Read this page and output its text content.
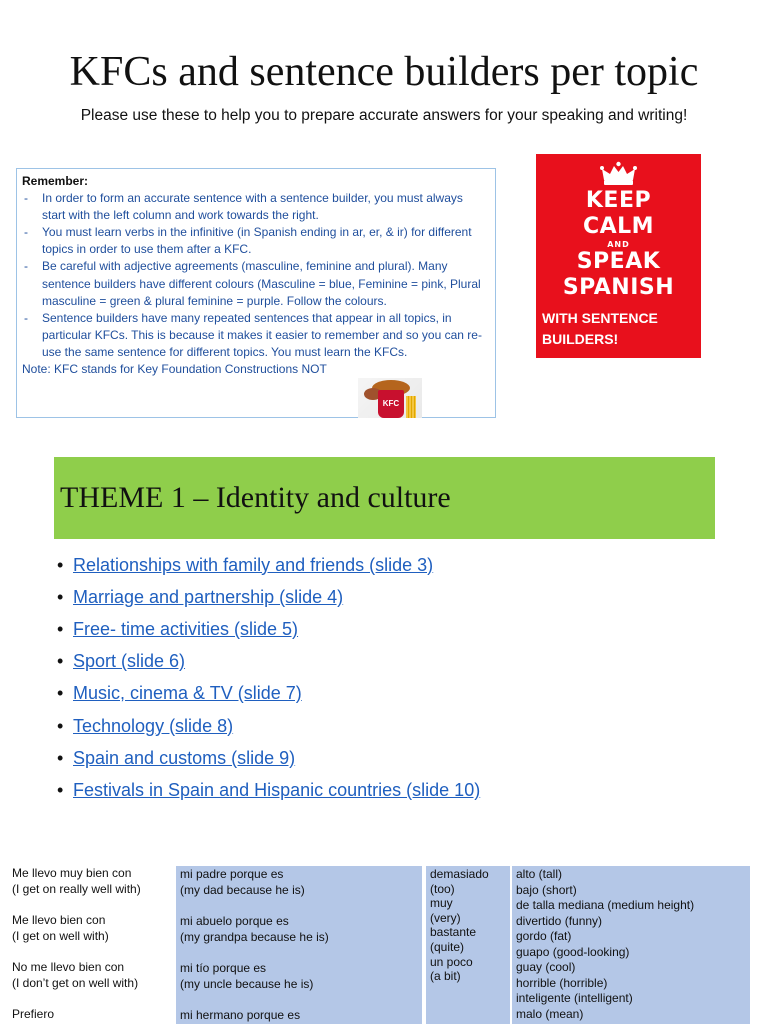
KFCs and sentence builders per topic
Please use these to help you to prepare accurate answers for your speaking and writing!
Remember:
- In order to form an accurate sentence with a sentence builder, you must always start with the left column and work towards the right.
- You must learn verbs in the infinitive (in Spanish ending in ar, er, & ir) for different topics in order to use them after a KFC.
- Be careful with adjective agreements (masculine, feminine and plural). Many sentence builders have different colours (Masculine = blue, Feminine = pink, Plural masculine = green & plural feminine = purple. Follow the colours.
- Sentence builders have many repeated sentences that appear in all topics, in particular KFCs. This is because it makes it easier to remember and so you can re-use the same sentence for different topics. You must learn the KFCs.
Note: KFC stands for Key Foundation Constructions NOT
KFC
KEEP
CALM
AND
SPEAK
SPANISH
WITH SENTENCE
BUILDERS!
THEME 1 – Identity and culture
• Relationships with family and friends (slide 3)
• Marriage and partnership (slide 4)
• Free- time activities (slide 5)
• Sport (slide 6)
• Music, cinema & TV (slide 7)
• Technology (slide 8)
• Spain and customs (slide 9)
• Festivals in Spain and Hispanic countries (slide 10)
Me llevo muy bien con
(I get on really well with)
Me llevo bien con
(I get on well with)
No me llevo bien con
(I don’t get on well with)
Prefiero
mi padre porque es
(my dad because he is)
mi abuelo porque es
(my grandpa because he is)
mi tío porque es
(my uncle because he is)
mi hermano porque es
demasiado
(too)
muy
(very)
bastante
(quite)
un poco
(a bit)
alto (tall)
bajo (short)
de talla mediana (medium height)
divertido (funny)
gordo (fat)
guapo (good-looking)
guay (cool)
horrible (horrible)
inteligente (intelligent)
malo (mean)
